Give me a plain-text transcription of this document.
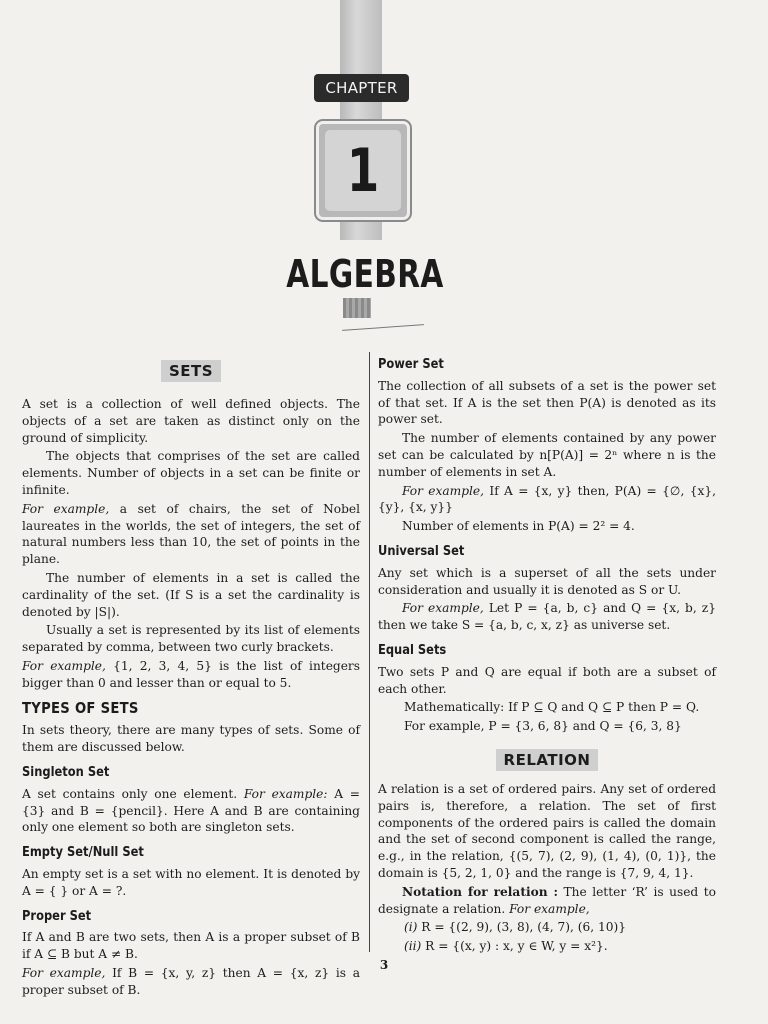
CHAPTER
1
ALGEBRA
SETS

A set is a collection of well defined objects. The objects of a set are taken as distinct only on the ground of simplicity.

The objects that comprises of the set are called elements. Number of objects in a set can be finite or infinite.

For example, a set of chairs, the set of Nobel laureates in the worlds, the set of integers, the set of natural numbers less than 10, the set of points in the plane.

The number of elements in a set is called the cardinality of the set. (If S is a set the cardinality is denoted by |S|).

Usually a set is represented by its list of elements separated by comma, between two curly brackets.

For example, {1, 2, 3, 4, 5} is the list of integers bigger than 0 and lesser than or equal to 5.

TYPES OF SETS

In sets theory, there are many types of sets. Some of them are discussed below.

Singleton Set

A set contains only one element. For example: A = {3} and B = {pencil}. Here A and B are containing only one element so both are singleton sets.

Empty Set/Null Set

An empty set is a set with no element. It is denoted by A = { } or A = ?.

Proper Set

If A and B are two sets, then A is a proper subset of B if A ⊆ B but A ≠ B.

For example, If B = {x, y, z} then A = {x, z} is a proper subset of B.

Power Set

The collection of all subsets of a set is the power set of that set. If A is the set then P(A) is denoted as its power set.

The number of elements contained by any power set can be calculated by n[P(A)] = 2ⁿ where n is the number of elements in set A.

For example, If A = {x, y} then, P(A) = {∅, {x}, {y}, {x, y}}

Number of elements in P(A) = 2² = 4.

Universal Set

Any set which is a superset of all the sets under consideration and usually it is denoted as S or U.

For example, Let P = {a, b, c} and Q = {x, b, z} then we take S = {a, b, c, x, z} as universe set.

Equal Sets

Two sets P and Q are equal if both are a subset of each other.

Mathematically: If P ⊆ Q and Q ⊆ P then P = Q.

For example, P = {3, 6, 8} and Q = {6, 3, 8}

RELATION

A relation is a set of ordered pairs. Any set of ordered pairs is, therefore, a relation. The set of first components of the ordered pairs is called the domain and the set of second component is called the range, e.g., in the relation, {(5, 7), (2, 9), (1, 4), (0, 1)}, the domain is {5, 2, 1, 0} and the range is {7, 9, 4, 1}.

Notation for relation : The letter ‘R’ is used to designate a relation. For example,

(i) R = {(2, 9), (3, 8), (4, 7), (6, 10)}

(ii) R = {(x, y) : x, y ∈ W, y = x²}.

3
